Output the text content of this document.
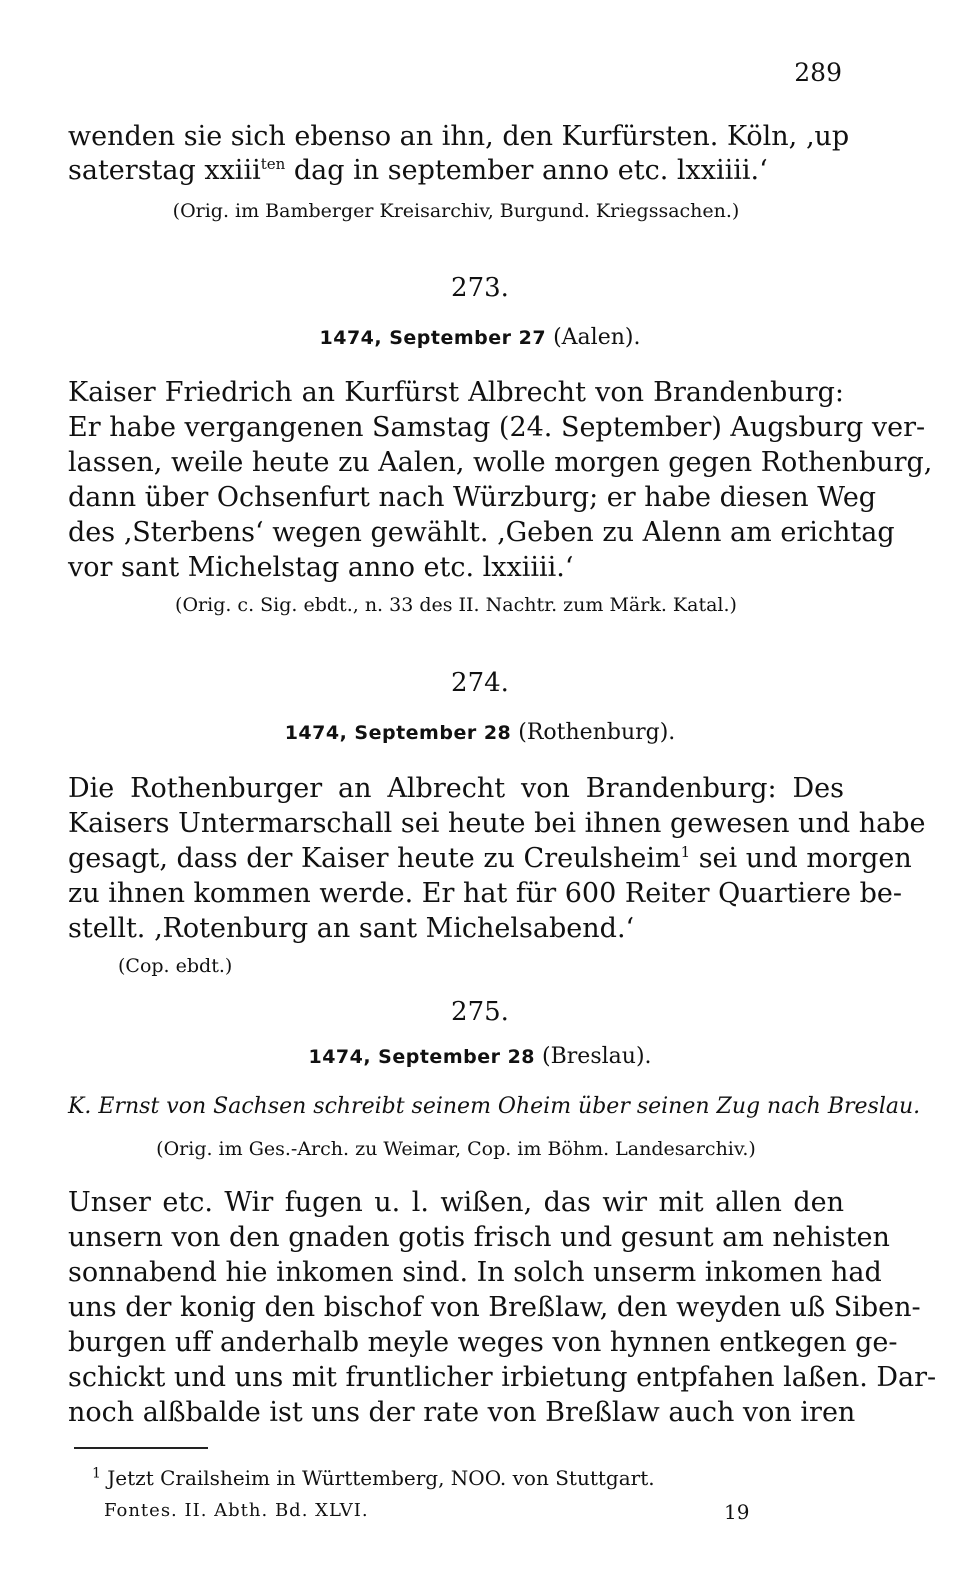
289
wenden sie sich ebenso an ihn, den Kurfürsten. Köln, ‚up
saterstag xxiii$^{ten}$ dag in september anno etc. lxxiiii.‘
(Orig. im Bamberger Kreisarchiv, Burgund. Kriegssachen.)
273.
1474, September 27 (Aalen).
Kaiser Friedrich an Kurfürst Albrecht von Brandenburg:
Er habe vergangenen Samstag (24. September) Augsburg ver-
lassen, weile heute zu Aalen, wolle morgen gegen Rothenburg,
dann über Ochsenfurt nach Würzburg; er habe diesen Weg
des ‚Sterbens‘ wegen gewählt. ‚Geben zu Alenn am erichtag
vor sant Michelstag anno etc. lxxiiii.‘
(Orig. c. Sig. ebdt., n. 33 des II. Nachtr. zum Märk. Katal.)
274.
1474, September 28 (Rothenburg).
Die Rothenburger an Albrecht von Brandenburg: Des
Kaisers Untermarschall sei heute bei ihnen gewesen und habe
gesagt, dass der Kaiser heute zu Creulsheim$^1$ sei und morgen
zu ihnen kommen werde. Er hat für 600 Reiter Quartiere be-
stellt. ‚Rotenburg an sant Michelsabend.‘
(Cop. ebdt.)
275.
1474, September 28 (Breslau).
K. Ernst von Sachsen schreibt seinem Oheim über seinen Zug nach Breslau.
(Orig. im Ges.-Arch. zu Weimar, Cop. im Böhm. Landesarchiv.)
Unser etc. Wir fugen u. l. wißen, das wir mit allen den
unsern von den gnaden gotis frisch und gesunt am nehisten
sonnabend hie inkomen sind. In solch unserm inkomen had
uns der konig den bischof von Breßlaw, den weyden uß Siben-
burgen uff anderhalb meyle weges von hynnen entkegen ge-
schickt und uns mit fruntlicher irbietung entpfahen laßen. Dar-
noch alßbalde ist uns der rate von Breßlaw auch von iren
$^1$ Jetzt Crailsheim in Württemberg, NOO. von Stuttgart.
Fontes. II. Abth. Bd. XLVI.	19
